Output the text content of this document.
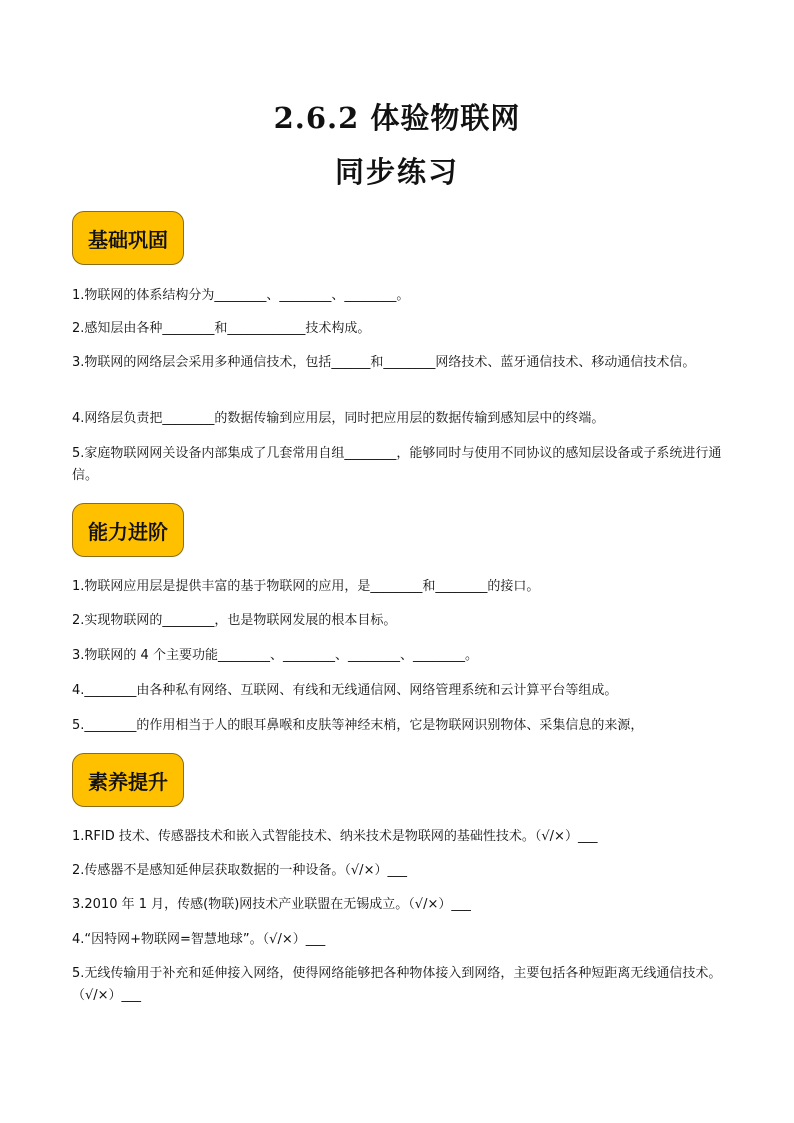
2.6.2 体验物联网
同步练习
基础巩固
1.物联网的体系结构分为________、________、________。
2.感知层由各种________和____________技术构成。
3.物联网的网络层会采用多种通信技术，包括______和________网络技术、蓝牙通信技术、移动通信技术信。
4.网络层负责把________的数据传输到应用层，同时把应用层的数据传输到感知层中的终端。
5.家庭物联网网关设备内部集成了几套常用自组________，能够同时与使用不同协议的感知层设备或子系统进行通信。
能力进阶
1.物联网应用层是提供丰富的基于物联网的应用，是________和________的接口。
2.实现物联网的________，也是物联网发展的根本目标。
3.物联网的 4 个主要功能________、________、________、________。
4.________由各种私有网络、互联网、有线和无线通信网、网络管理系统和云计算平台等组成。
5.________的作用相当于人的眼耳鼻喉和皮肤等神经末梢，它是物联网识别物体、采集信息的来源，
素养提升
1.RFID 技术、传感器技术和嵌入式智能技术、纳米技术是物联网的基础性技术。（√/×）___
2.传感器不是感知延伸层获取数据的一种设备。（√/×）___
3.2010 年 1 月，传感(物联)网技术产业联盟在无锡成立。（√/×）___
4.“因特网+物联网=智慧地球”。（√/×）___
5.无线传输用于补充和延伸接入网络，使得网络能够把各种物体接入到网络，主要包括各种短距离无线通信技术。（√/×）___
